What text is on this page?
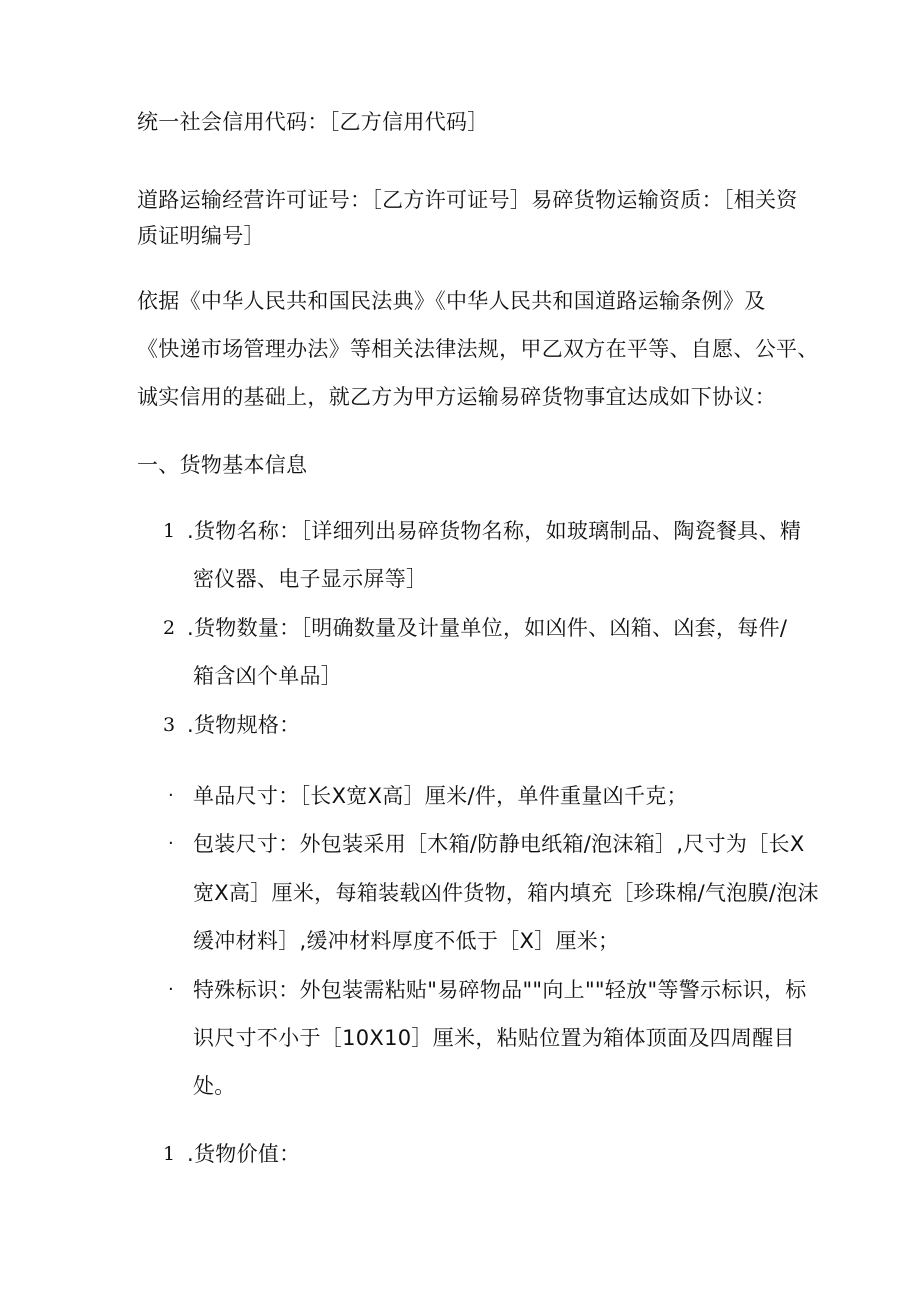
统一社会信用代码：［乙方信用代码］
道路运输经营许可证号：［乙方许可证号］易碎货物运输资质：［相关资
质证明编号］
依据《中华人民共和国民法典》《中华人民共和国道路运输条例》及
《快递市场管理办法》等相关法律法规，甲乙双方在平等、自愿、公平、
诚实信用的基础上，就乙方为甲方运输易碎货物事宜达成如下协议：
一、货物基本信息
1 .货物名称：［详细列出易碎货物名称，如玻璃制品、陶瓷餐具、精
密仪器、电子显示屏等］
2 .货物数量：［明确数量及计量单位，如凶件、凶箱、凶套，每件/
箱含凶个单品］
3 .货物规格：
· 单品尺寸：［长X宽X高］厘米/件，单件重量凶千克；
· 包装尺寸：外包装采用［木箱/防静电纸箱/泡沫箱］,尺寸为［长X
宽X高］厘米，每箱装载凶件货物，箱内填充［珍珠棉/气泡膜/泡沫
缓冲材料］,缓冲材料厚度不低于［X］厘米；
· 特殊标识：外包装需粘贴"易碎物品""向上""轻放"等警示标识，标
识尺寸不小于［10X10］厘米，粘贴位置为箱体顶面及四周醒目
处。
1 .货物价值：
